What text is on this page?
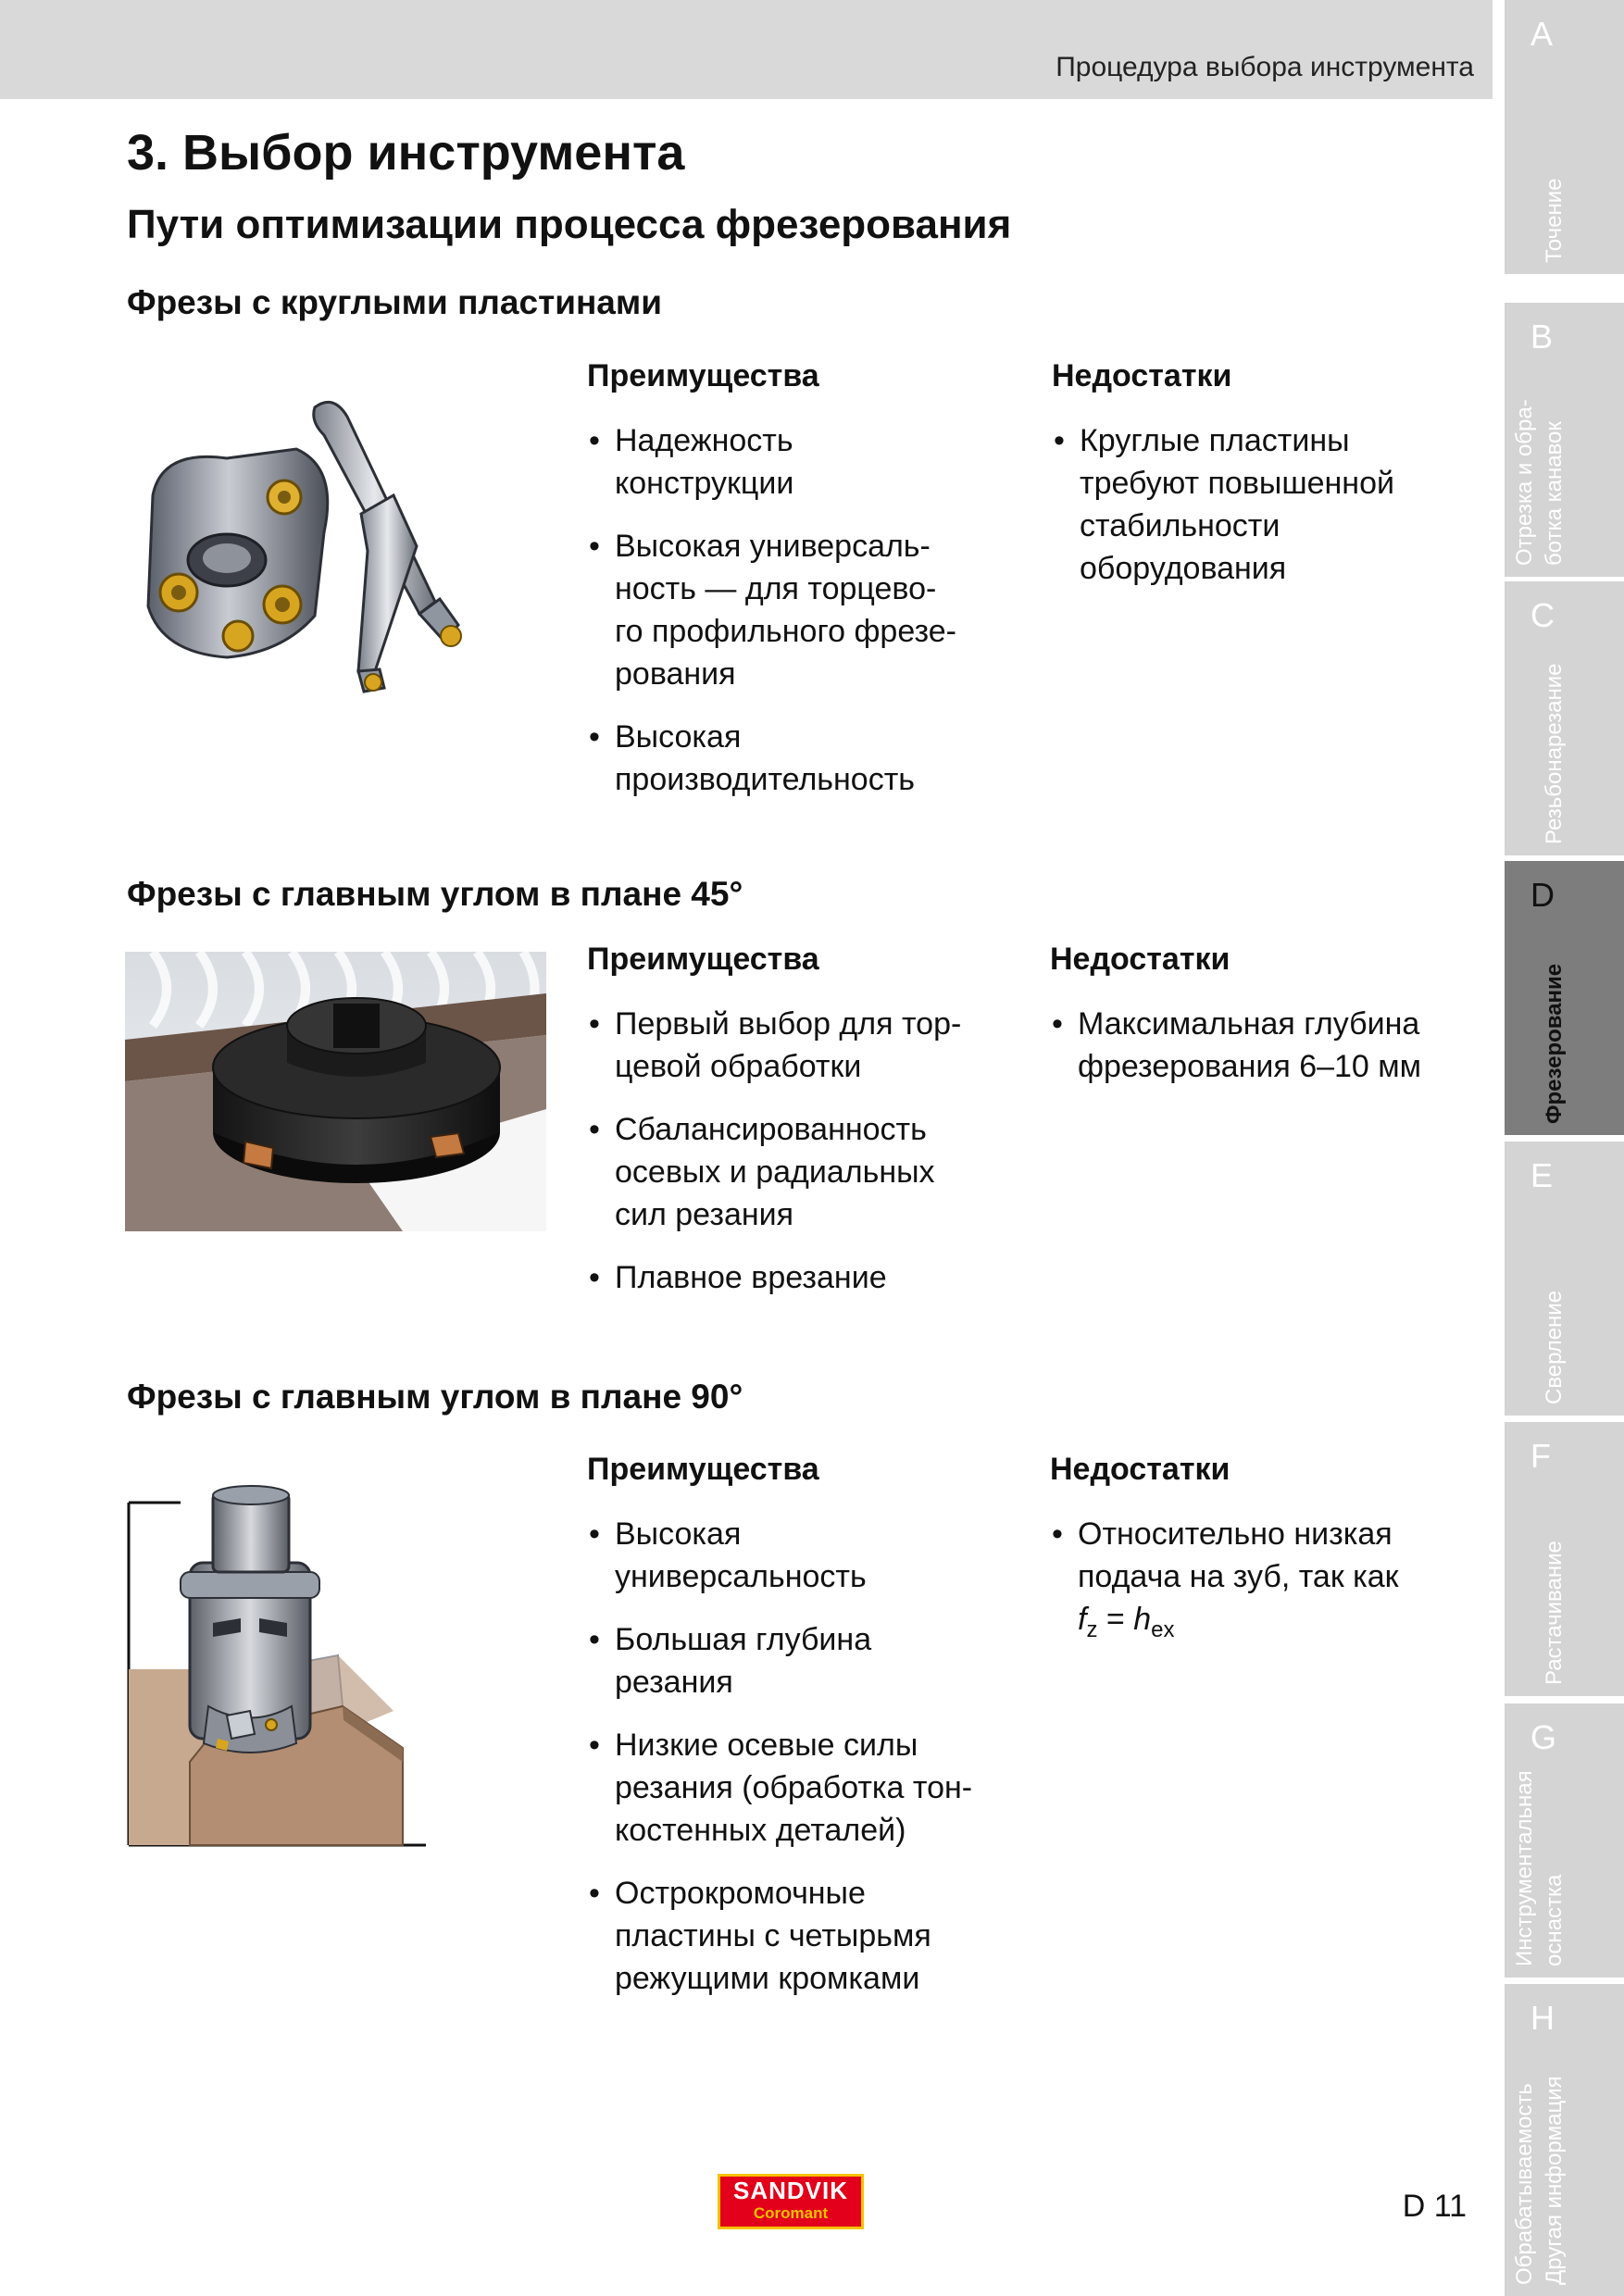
Процедура выбора инструмента
A
Точение
B
Отрезка и обра-
ботка канавок
C
Резьбонарезание
D
Фрезерование
E
Сверление
F
Растачивание
G
Инструментальная
оснастка
H
Обрабатываемость
Другая информация
3. Выбор инструмента
Пути оптимизации процесса фрезерования
Фрезы с круглыми пластинами
Преимущества
• Надежность
конструкции
• Высокая универсаль-
ность — для торцево-
го профильного фрезе-
рования
• Высокая
производительность
Недостатки
• Круглые пластины
требуют повышенной
стабильности
оборудования
Фрезы с главным углом в плане 45°
Преимущества
• Первый выбор для тор-
цевой обработки
• Сбалансированность
осевых и радиальных
сил резания
• Плавное врезание
Недостатки
• Максимальная глубина
фрезерования 6–10 мм
Фрезы с главным углом в плане 90°
Преимущества
• Высокая
универсальность
• Большая глубина
резания
• Низкие осевые силы
резания (обработка тон-
костенных деталей)
• Острокромочные
пластины с четырьмя
режущими кромками
Недостатки
• Относительно низкая
подача на зуб, так как
$f_z = h_{ex}$
SANDVIK
Coromant	D 11
